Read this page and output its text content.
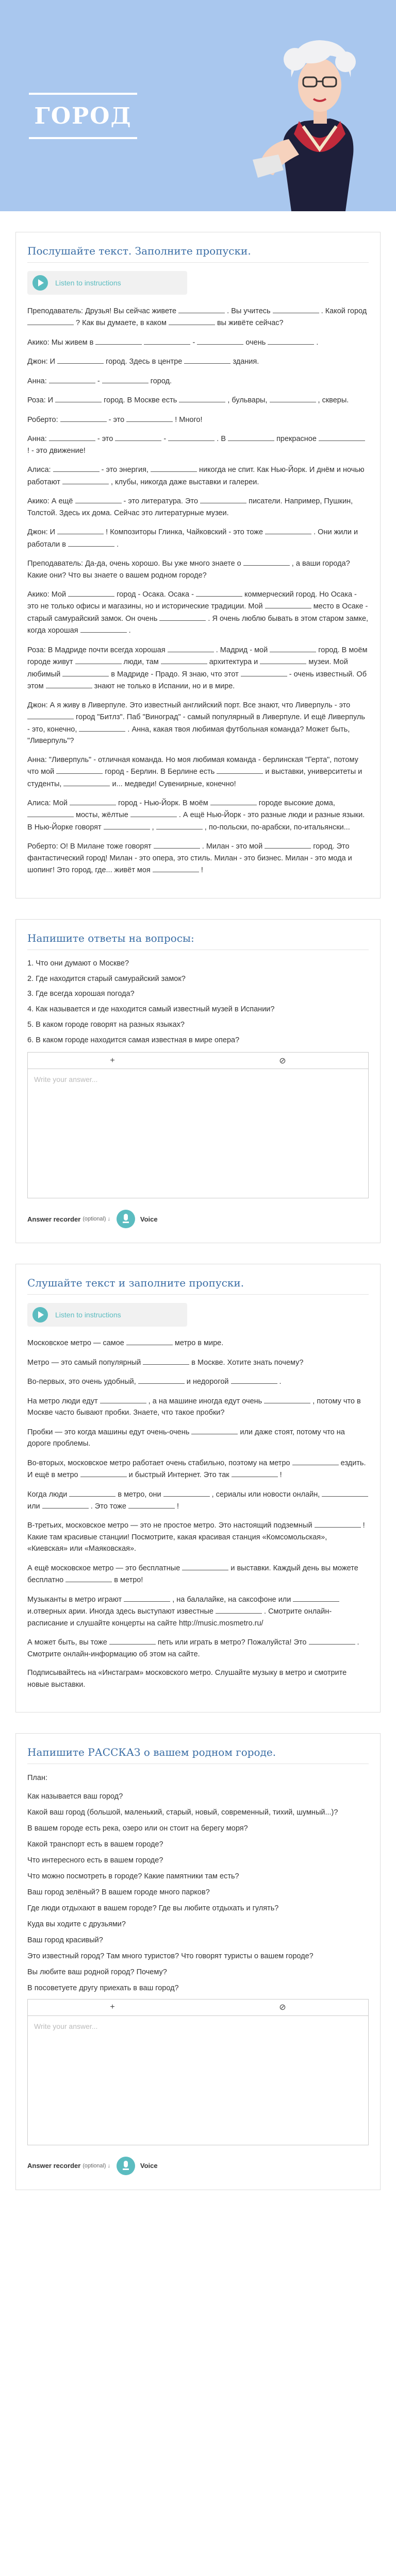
ГОРОД
Послушайте текст. Заполните пропуски.
Listen to instructions

Преподаватель: Друзья! Вы сейчас живете	. Вы учитесь	. Какой город  ? Как вы думаете, в каком	вы живёте сейчас?

Акико: Мы живем в	-	очень	.

Джон: И	город. Здесь в центре	здания.

Анна:	-	город.

Роза: И	город. В Москве есть	, бульвары,	, скверы.

Роберто:	- это	! Много!

Анна:	- это	-	. В	прекрасное  ! - это движение!

Алиса:	- это энергия,	никогда не спит. Как Нью-Йорк. И днём и ночью работают	, клубы, никогда даже выставки и галереи.

Акико: А ещё	- это литература. Это	писатели. Например, Пушкин, Толстой. Здесь их дома. Сейчас это литературные музеи.

Джон: И	! Композиторы Глинка, Чайковский - это тоже	. Они жили и работали в	.

Преподаватель: Да-да, очень хорошо. Вы уже много знаете о	, а ваши города? Какие они? Что вы знаете о вашем родном городе?

Акико: Мой	город - Осака. Осака -	коммерческий город. Но Осака - это не только офисы и магазины, но и исторические традиции. Мой	место в Осаке - старый самурайский замок. Он очень	. Я очень люблю бывать в этом старом замке, когда хорошая	.

Роза: В Мадриде почти всегда хорошая	. Мадрид - мой	город. В моём городе живут	люди, там	архитектура и	музеи. Мой любимый	в Мадриде - Прадо. Я знаю, что этот	- очень известный. Об этом	знают не только в Испании, но и в мире.

Джон: А я живу в Ливерпуле. Это известный английский порт. Все знают, что Ливерпуль - это  город "Битлз". Паб "Виноград" - самый популярный в Ливерпуле. И ещё Ливерпуль - это, конечно,	. Анна, какая твоя любимая футбольная команда? Может быть, "Ливерпуль"?

Анна: "Ливерпуль" - отличная команда. Но моя любимая команда - берлинская "Герта", потому что мой	город - Берлин. В Берлине есть	и выставки, университеты и студенты,	и... медведи! Сувенирные, конечно!

Алиса: Мой	город - Нью-Йорк. В моём	городе высокие дома,  мосты, жёлтые	. А ещё Нью-Йорк - это разные люди и разные языки. В Нью-Йорке говорят	,	, по-польски, по-арабски, по-итальянски...

Роберто: О! В Милане тоже говорят	. Милан - это мой	город. Это фантастический город! Милан - это опера, это стиль. Милан - это бизнес. Милан - это мода и шопинг! Это город, где... живёт моя	!

Напишите ответы на вопросы:
1. Что они думают о Москве?
2. Где находится старый самурайский замок?
3. Где всегда хорошая погода?
4. Как называется и где находится самый известный музей в Испании?
5. В каком городе говорят на разных языках?
6. В каком городе находится самая известная в мире опера?
+	⊘
Write your answer...
Answer recorder (optional) ↓	Voice
Слушайте текст и заполните пропуски.
Listen to instructions

Московское метро — самое	метро в мире.

Метро — это самый популярный	в Москве. Хотите знать почему?

Во-первых, это очень удобный,	и недорогой	.

На метро люди едут	, а на машине иногда едут очень	, потому что в Москве часто бывают пробки. Знаете, что такое пробки?

Пробки — это когда машины едут очень-очень	или даже стоят, потому что на дороге проблемы.

Во-вторых, московское метро работает очень стабильно, поэтому на метро	ездить. И ещё в метро	и быстрый Интернет. Это так	!

Когда люди	в метро, они	, сериалы или новости онлайн,  или	. Это тоже	!

В-третьих, московское метро — это не простое метро. Это настоящий подземный	! Какие там красивые станции! Посмотрите, какая красивая станция «Комсомольская», «Киевская» или «Маяковская».

А ещё московское метро — это бесплатные	и выставки. Каждый день вы можете бесплатно	в метро!

Музыканты в метро играют	, на балалайке, на саксофоне или  и.отверных арии. Иногда здесь выступают известные	. Смотрите онлайн-расписание и слушайте концерты на сайте http://music.mosmetro.ru/

А может быть, вы тоже	петь или играть в метро? Пожалуйста! Это	. Смотрите онлайн-информацию об этом на сайте.

Подписывайтесь на «Инстаграм» московского метро. Слушайте музыку в метро и смотрите новые выставки.

Напишите РАССКАЗ о вашем родном городе.

План:

Как называется ваш город?
Какой ваш город (большой, маленький, старый, новый, современный, тихий, шумный...)?
В вашем городе есть река, озеро или он стоит на берегу моря?
Какой транспорт есть в вашем городе?
Что интересного есть в вашем городе?
Что можно посмотреть в городе? Какие памятники там есть?
Ваш город зелёный? В вашем городе много парков?
Где люди отдыхают в вашем городе? Где вы любите отдыхать и гулять?
Куда вы ходите с друзьями?
Ваш город красивый?
Это известный город? Там много туристов? Что говорят туристы о вашем городе?
Вы любите ваш родной город? Почему?
В посоветуете другу приехать в ваш город?
+	⊘
Write your answer...
Answer recorder (optional) ↓	Voice
